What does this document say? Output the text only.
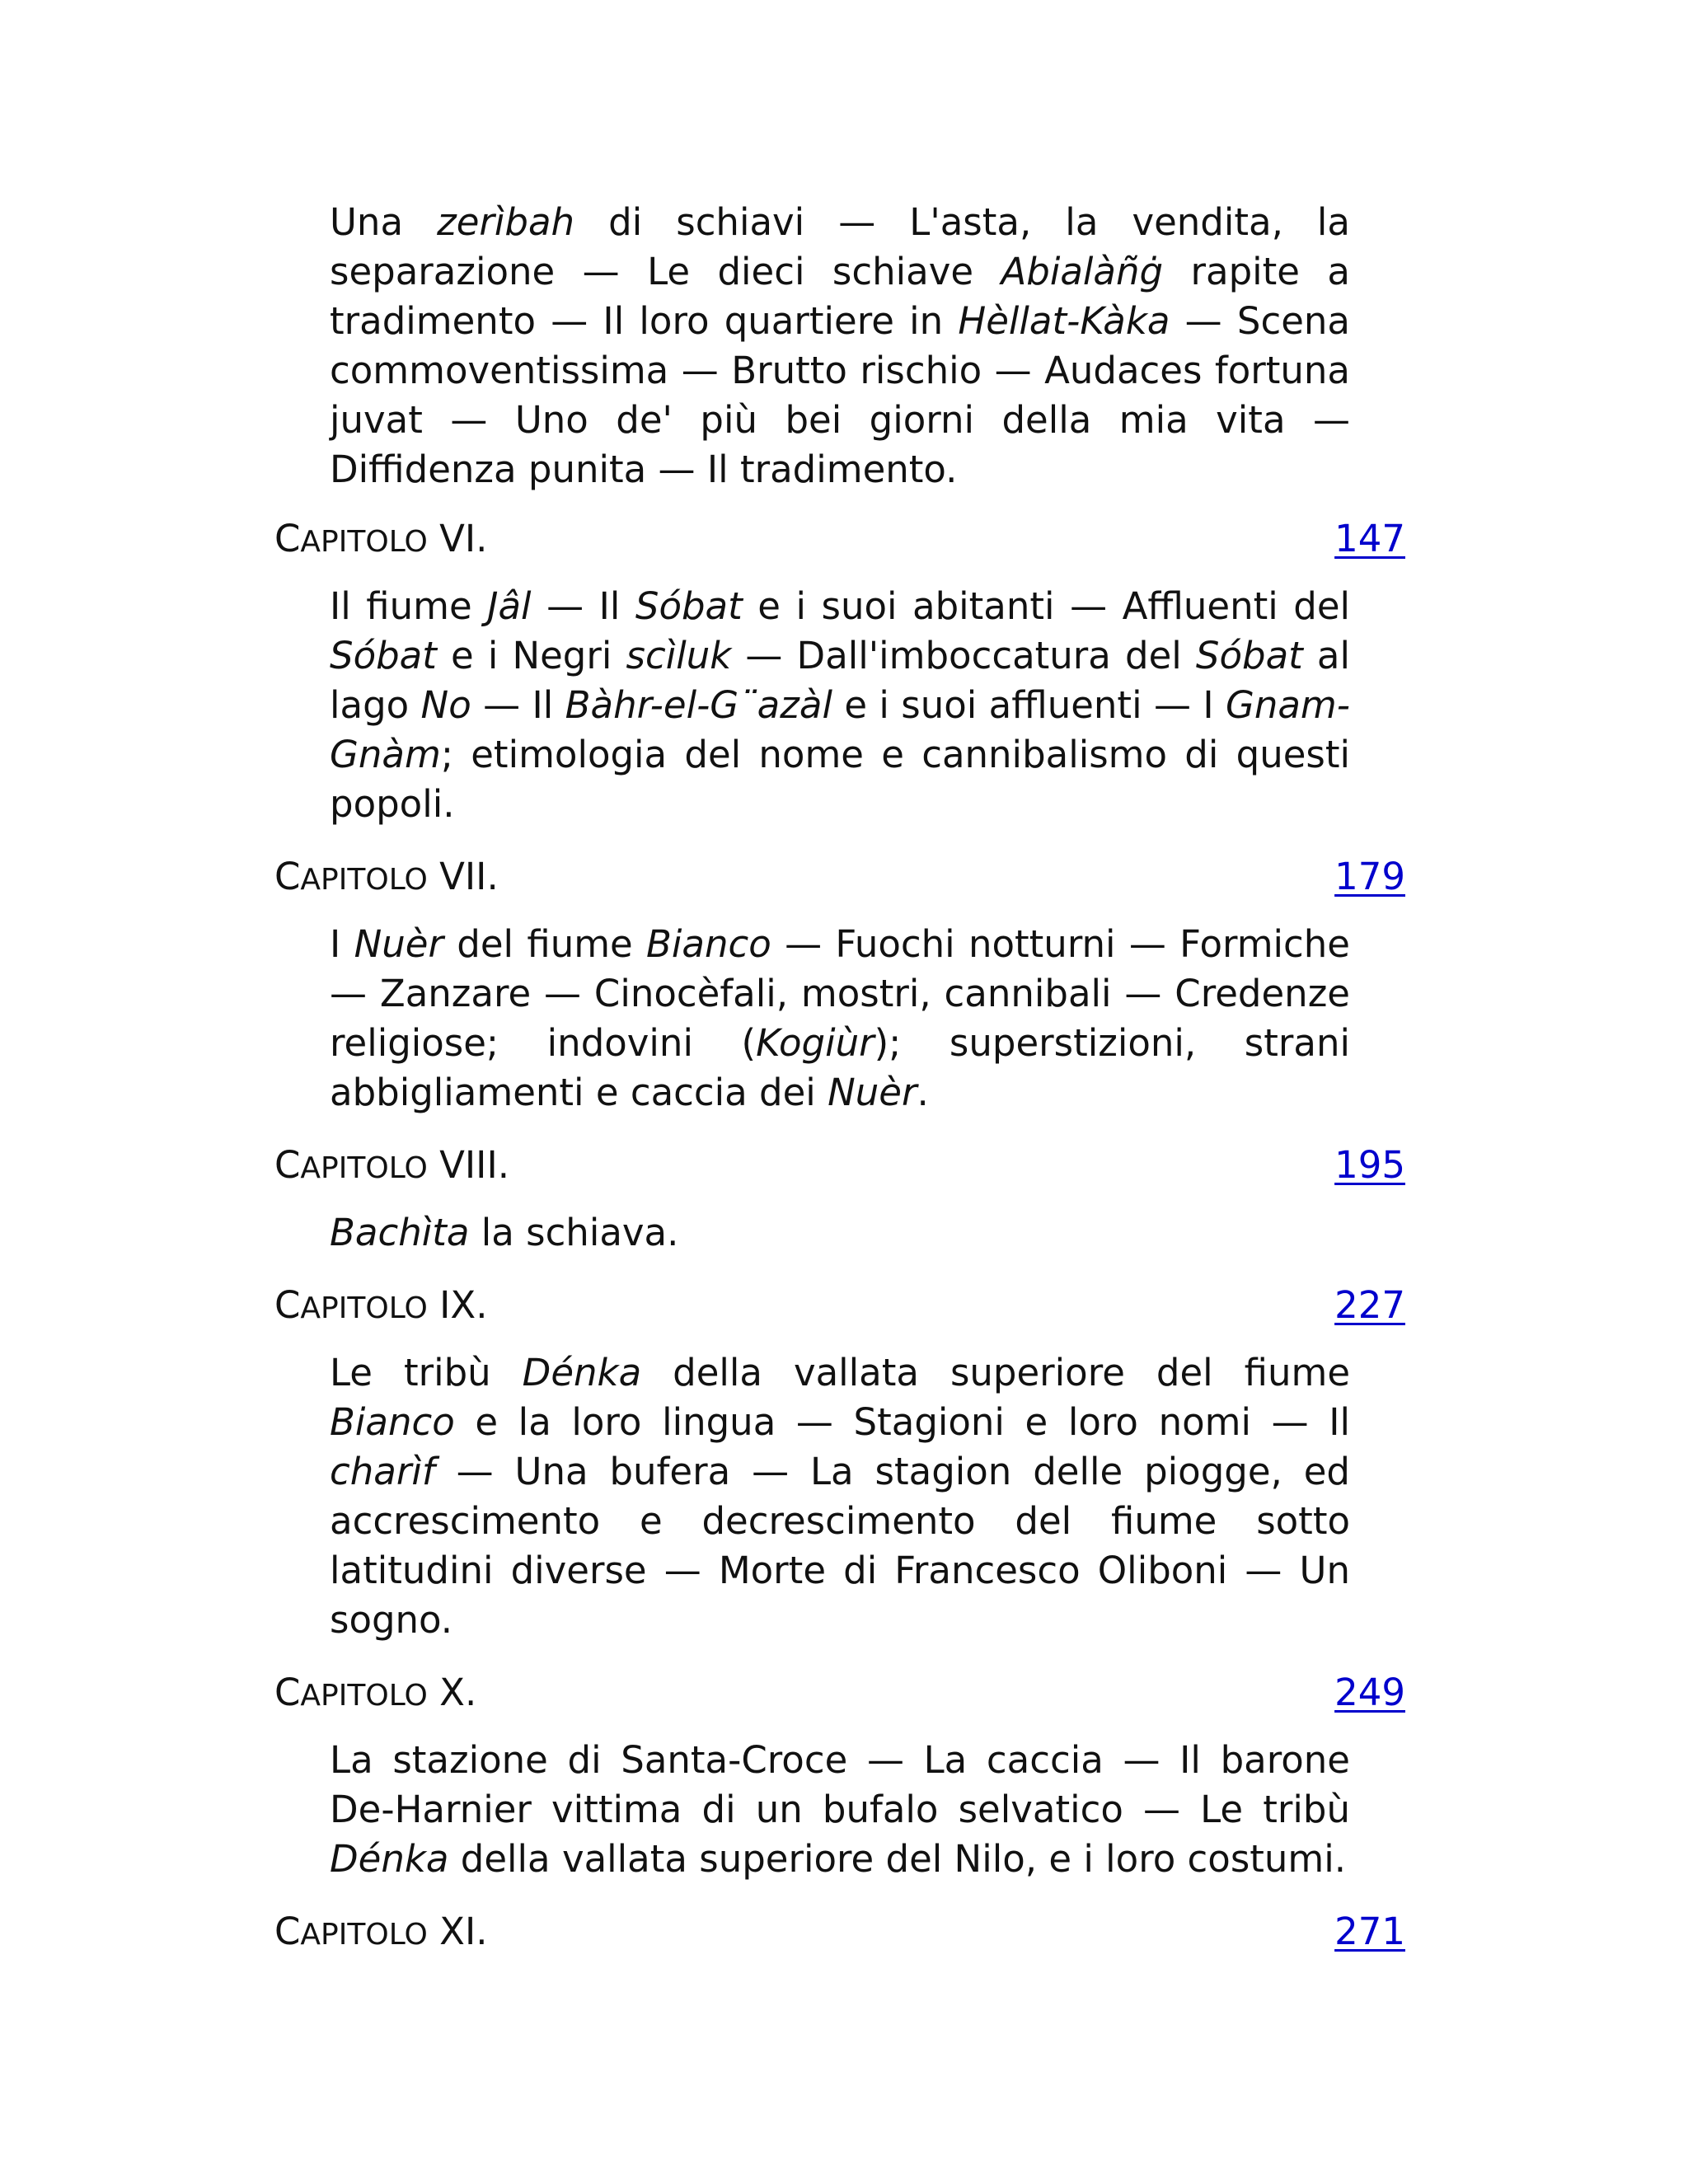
Una zerìbah di schiavi — L'asta, la vendita, la separazione — Le dieci schiave Abialàñġ rapite a tradimento — Il loro quartiere in Hèllat-Kàka — Scena commoventissima — Brutto rischio — Audaces fortuna juvat — Uno de' più bei giorni della mia vita — Diffidenza punita — Il tradimento.

CAPITOLO VI.	147

Il fiume Jâl — Il Sóbat e i suoi abitanti — Affluenti del Sóbat e i Negri scìluk — Dall'imboccatura del Sóbat al lago No — Il Bàhr-el-G¨azàl e i suoi affluenti — I Gnam-Gnàm; etimologia del nome e cannibalismo di questi popoli.

CAPITOLO VII.	179

I Nuèr del fiume Bianco — Fuochi notturni — Formiche — Zanzare — Cinocèfali, mostri, cannibali — Credenze religiose; indovini (Kogiùr); superstizioni, strani abbigliamenti e caccia dei Nuèr.

CAPITOLO VIII.	195

Bachìta la schiava.

CAPITOLO IX.	227

Le tribù Dénka della vallata superiore del fiume Bianco e la loro lingua — Stagioni e loro nomi — Il charìf — Una bufera — La stagion delle piogge, ed accrescimento e decrescimento del fiume sotto latitudini diverse — Morte di Francesco Oliboni — Un sogno.

CAPITOLO X.	249

La stazione di Santa-Croce — La caccia — Il barone De-Harnier vittima di un bufalo selvatico — Le tribù Dénka della vallata superiore del Nilo, e i loro costumi.

CAPITOLO XI.	271
